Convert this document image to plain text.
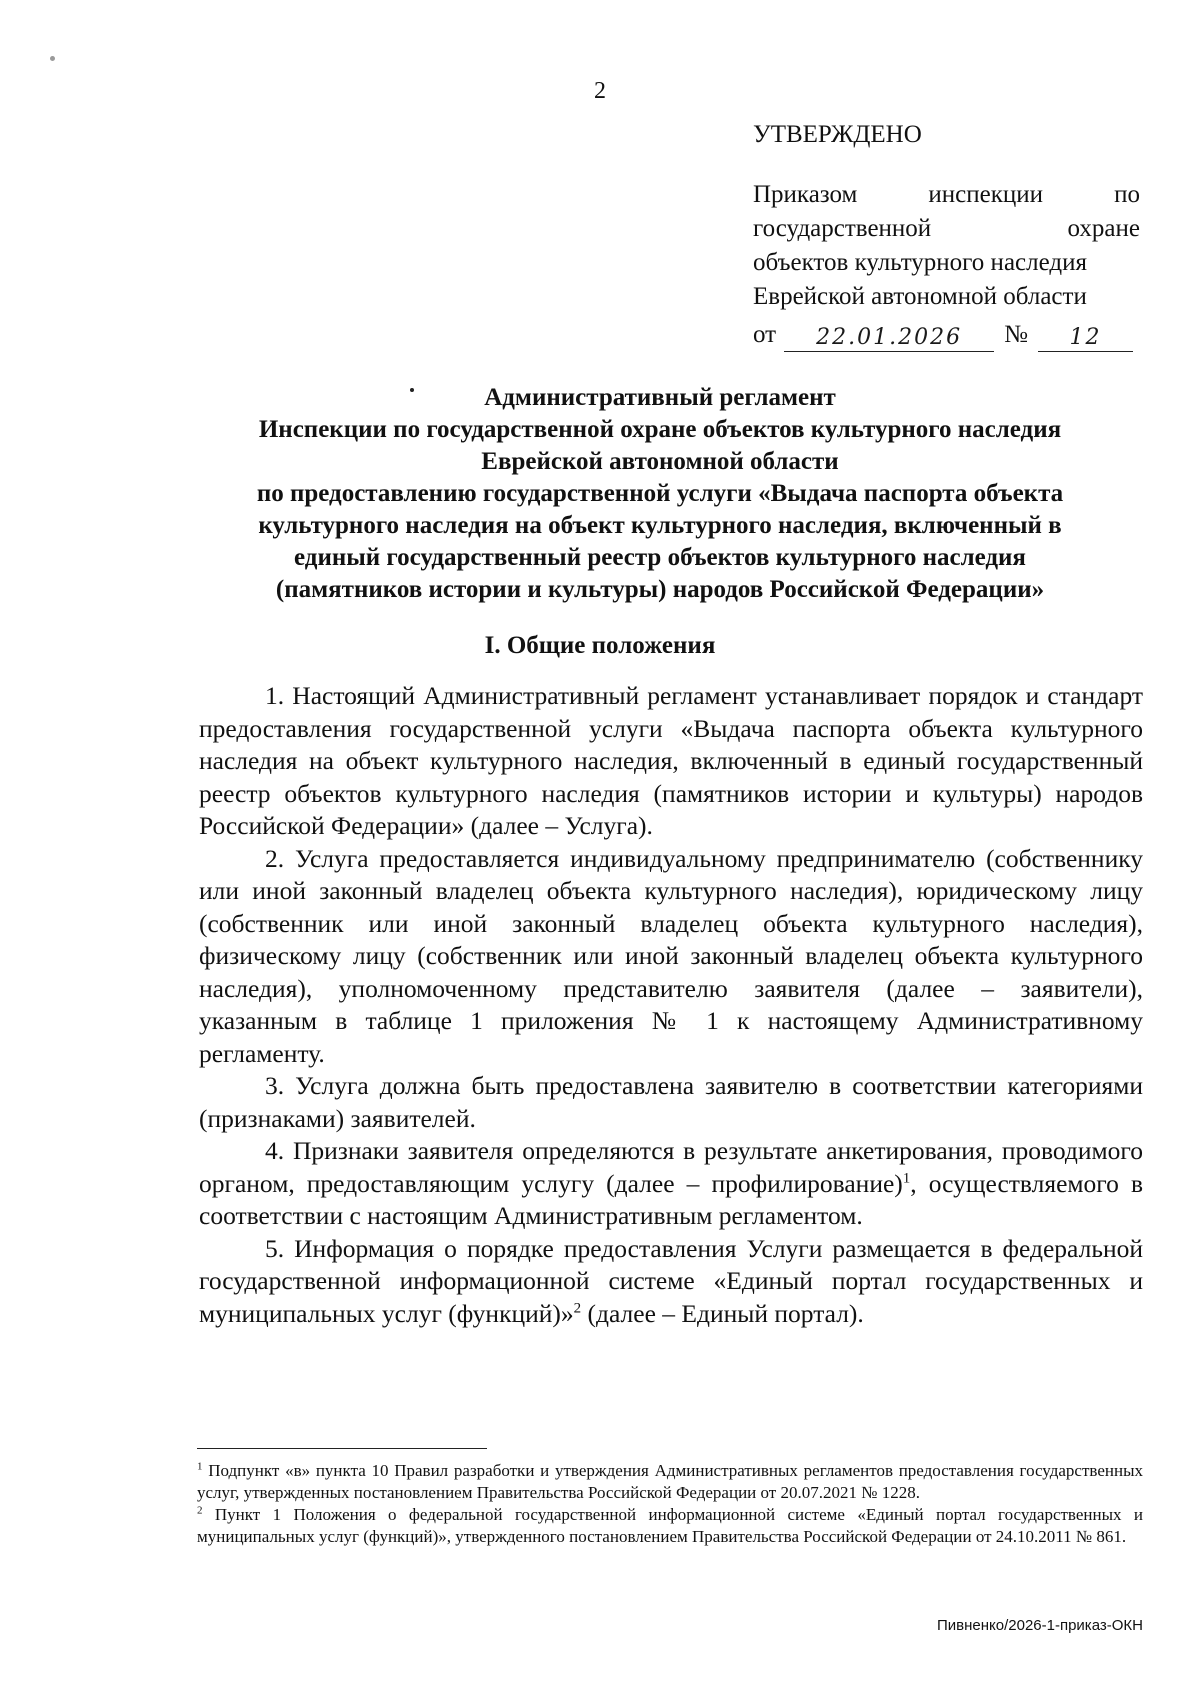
2
УТВЕРЖДЕНО
Приказом	инспекции	по
государственной	охране
объектов культурного наследия
Еврейской автономной области
от	22.01.2026	№	12
Административный регламент
Инспекции по государственной охране объектов культурного наследия
Еврейской автономной области
по предоставлению государственной услуги «Выдача паспорта объекта
культурного наследия на объект культурного наследия, включенный в
единый государственный реестр объектов культурного наследия
(памятников истории и культуры) народов Российской Федерации»
I. Общие положения

1. Настоящий Административный регламент устанавливает порядок и стандарт предоставления государственной услуги «Выдача паспорта объекта культурного наследия на объект культурного наследия, включенный в единый государственный реестр объектов культурного наследия (памятников истории и культуры) народов Российской Федерации» (далее – Услуга).

2. Услуга предоставляется индивидуальному предпринимателю (собственнику или иной законный владелец объекта культурного наследия), юридическому лицу (собственник или иной законный владелец объекта культурного наследия), физическому лицу (собственник или иной законный владелец объекта культурного наследия), уполномоченному представителю заявителя (далее – заявители), указанным в таблице 1 приложения № 1 к настоящему Административному регламенту.

3. Услуга должна быть предоставлена заявителю в соответствии категориями (признаками) заявителей.

4. Признаки заявителя определяются в результате анкетирования, проводимого органом, предоставляющим услугу (далее – профилирование)$^1$, осуществляемого в соответствии с настоящим Административным регламентом.

5. Информация о порядке предоставления Услуги размещается в федеральной государственной информационной системе «Единый портал государственных и муниципальных услуг (функций)»$^2$ (далее – Единый портал).

$^1$ Подпункт «в» пункта 10 Правил разработки и утверждения Административных регламентов предоставления государственных услуг, утвержденных постановлением Правительства Российской Федерации от 20.07.2021 № 1228.

$^2$ Пункт 1 Положения о федеральной государственной информационной системе «Единый портал государственных и муниципальных услуг (функций)», утвержденного постановлением Правительства Российской Федерации от 24.10.2011 № 861.

Пивненко/2026-1-приказ-ОКН
